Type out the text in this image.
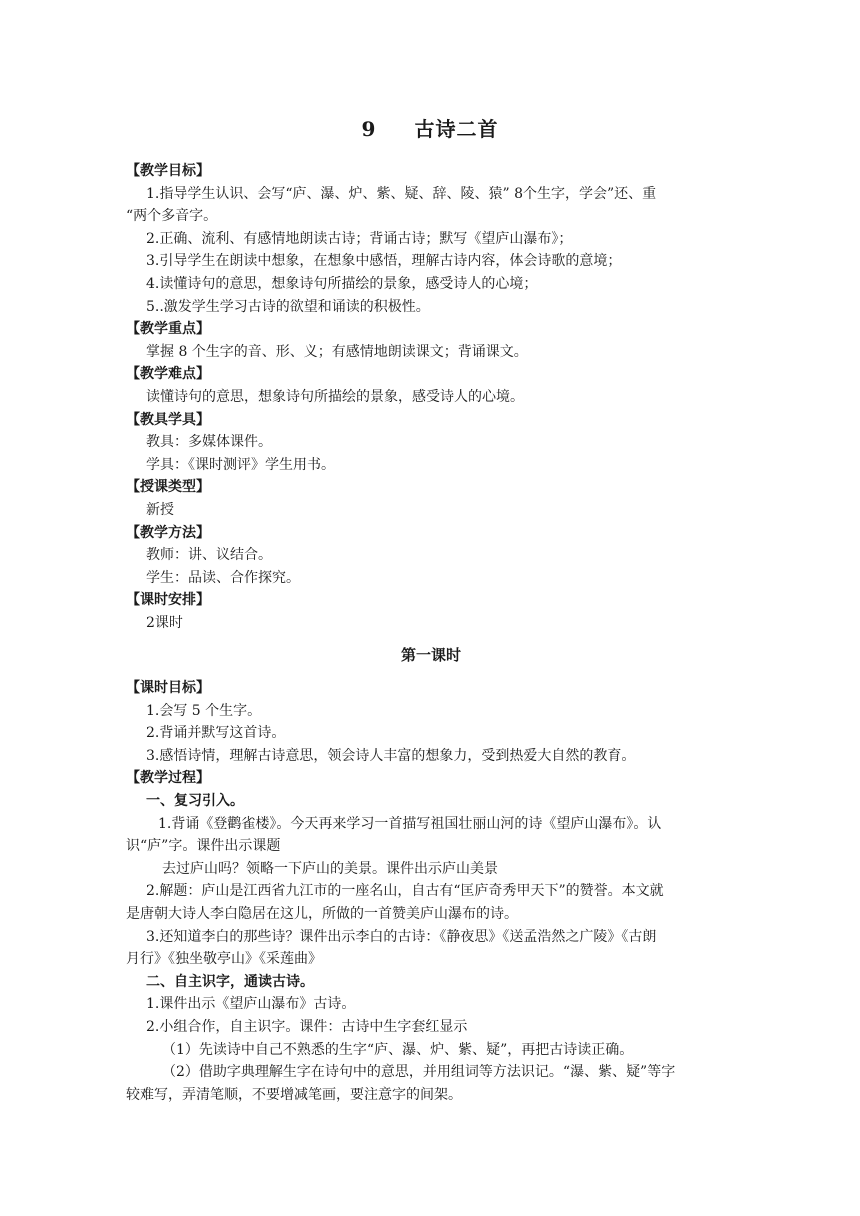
9 古诗二首
【教学目标】
1.指导学生认识、会写“庐、瀑、炉、紫、疑、辞、陵、猿” 8个生字，学会”还、重
“两个多音字。
2.正确、流利、有感情地朗读古诗；背诵古诗；默写《望庐山瀑布》；
3.引导学生在朗读中想象，在想象中感悟，理解古诗内容，体会诗歌的意境；
4.读懂诗句的意思，想象诗句所描绘的景象，感受诗人的心境；
5..激发学生学习古诗的欲望和诵读的积极性。
【教学重点】
掌握 8 个生字的音、形、义；有感情地朗读课文；背诵课文。
【教学难点】
读懂诗句的意思，想象诗句所描绘的景象，感受诗人的心境。
【教具学具】
教具：多媒体课件。
学具：《课时测评》学生用书。
【授课类型】
新授
【教学方法】
教师：讲、议结合。
学生：品读、合作探究。
【课时安排】
2课时
第一课时
【课时目标】
1.会写 5 个生字。
2.背诵并默写这首诗。
3.感悟诗情，理解古诗意思，领会诗人丰富的想象力，受到热爱大自然的教育。
【教学过程】
一、复习引入。
1.背诵《登鹳雀楼》。今天再来学习一首描写祖国壮丽山河的诗《望庐山瀑布》。认
识“庐”字。课件出示课题
去过庐山吗？领略一下庐山的美景。课件出示庐山美景
2.解题：庐山是江西省九江市的一座名山，自古有“匡庐奇秀甲天下”的赞誉。本文就
是唐朝大诗人李白隐居在这儿，所做的一首赞美庐山瀑布的诗。
3.还知道李白的那些诗？课件出示李白的古诗：《静夜思》《送孟浩然之广陵》《古朗
月行》《独坐敬亭山》《采莲曲》
二、自主识字，通读古诗。
1.课件出示《望庐山瀑布》古诗。
2.小组合作，自主识字。课件：古诗中生字套红显示
（1）先读诗中自己不熟悉的生字“庐、瀑、炉、紫、疑”，再把古诗读正确。
（2）借助字典理解生字在诗句中的意思，并用组词等方法识记。“瀑、紫、疑”等字
较难写，弄清笔顺，不要增减笔画，要注意字的间架。
